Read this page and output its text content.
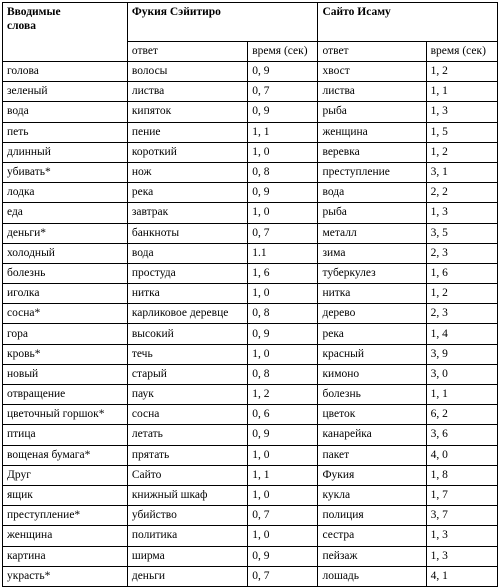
Вводимые
слова	Фукия Сэйитиро		Сайто Исаму	
	ответ	время (сек)	ответ	время (сек)
голова	волосы	0, 9	хвост	1, 2
зеленый	листва	0, 7	листва	1, 1
вода	кипяток	0, 9	рыба	1, 3
петь	пение	1, 1	женщина	1, 5
длинный	короткий	1, 0	веревка	1, 2
убивать*	нож	0, 8	преступление	3, 1
лодка	река	0, 9	вода	2, 2
еда	завтрак	1, 0	рыба	1, 3
деньги*	банкноты	0, 7	металл	3, 5
холодный	вода	1.1	зима	2, 3
болезнь	простуда	1, 6	туберкулез	1, 6
иголка	нитка	1, 0	нитка	1, 2
сосна*	карликовое деревце	0, 8	дерево	2, 3
гора	высокий	0, 9	река	1, 4
кровь*	течь	1, 0	красный	3, 9
новый	старый	0, 8	кимоно	3, 0
отвращение	паук	1, 2	болезнь	1, 1
цветочный горшок*	сосна	0, 6	цветок	6, 2
птица	летать	0, 9	канарейка	3, 6
вощеная бумага*	прятать	1, 0	пакет	4, 0
Друг	Сайто	1, 1	Фукия	1, 8
ящик	книжный шкаф	1, 0	кукла	1, 7
преступление*	убийство	0, 7	полиция	3, 7
женщина	политика	1, 0	сестра	1, 3
картина	ширма	0, 9	пейзаж	1, 3
украсть*	деньги	0, 7	лошадь	4, 1
